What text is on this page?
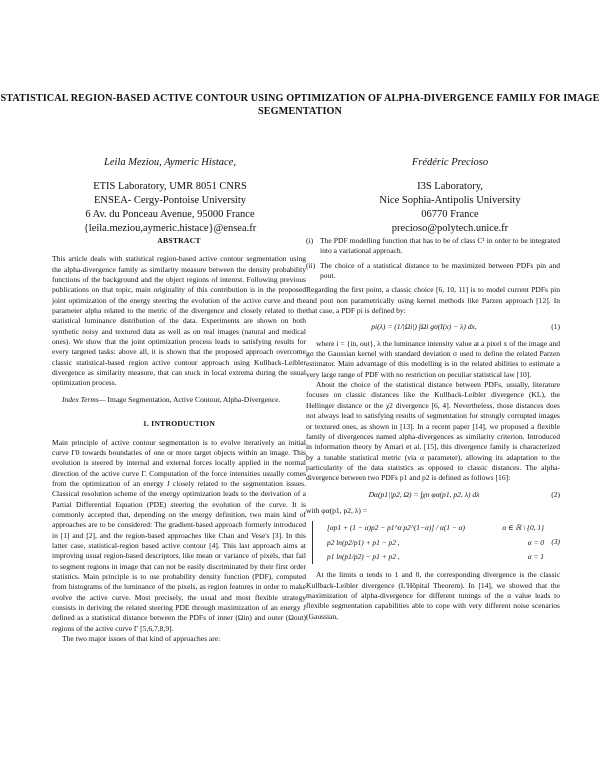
STATISTICAL REGION-BASED ACTIVE CONTOUR USING OPTIMIZATION OF ALPHA-DIVERGENCE FAMILY FOR IMAGE SEGMENTATION
Leila Meziou, Aymeric Histace,
ETIS Laboratory, UMR 8051 CNRS
ENSEA- Cergy-Pontoise University
6 Av. du Ponceau Avenue, 95000 France
{leila.meziou,aymeric.histace}@ensea.fr
Frédéric Precioso
I3S Laboratory,
Nice Sophia-Antipolis University
06770 France
precioso@polytech.unice.fr
ABSTRACT

This article deals with statistical region-based active contour segmentation using the alpha-divergence family as similarity measure between the density probability functions of the background and the object regions of interest. Following previous publications on that topic, main originality of this contribution is in the proposed joint optimization of the energy steering the evolution of the active curve and the parameter alpha related to the metric of the divergence and closely related to the statistical luminance distribution of the data. Experiments are shown on both synthetic noisy and textured data as well as on real images (natural and medical ones). We show that the joint optimization process leads to satisfying results for every targeted tasks: above all, it is shown that the proposed approach overcome classic statistical-based region active contour approach using Kullback-Leibler divergence as similarity measure, that can stuck in local extrema during the usual optimization process.

Index Terms— Image Segmentation, Active Contour, Alpha-Divergence.

1. INTRODUCTION

Main principle of active contour segmentation is to evolve iteratively an initial curve Γ0 towards boundaries of one or more target objects within an image. This evolution is steered by internal and external forces locally applied in the normal direction of the active curve Γ. Computation of the force intensities usually comes from the optimization of an energy J closely related to the segmentation issues. Classical resolution scheme of the energy optimization leads to the derivation of a Partial Differential Equation (PDE) steering the evolution of the curve. It is commonly accepted that, depending on the energy definition, two main kind of approaches are to be considered: The gradient-based approach formerly introduced in [1] and [2], and the region-based approaches like Chan and Vese's [3]. In this latter case, statistical-region based active contour [4]. This last approach aims at improving usual region-based descriptors, like mean or variance of pixels, that fail to segment regions in image that can not be easily discriminated by their first order statistics. Main principle is to use probability density function (PDF), computed from histograms of the luminance of the pixels, as region features in order to make evolve the active curve. Most precisely, the usual and most flexible strategy consists in deriving the related steering PDE through maximization of an energy J defined as a statistical distance between the PDFs of inner (Ωin) and outer (Ωout) regions of the active curve Γ [5,6,7,8,9].

The two major issues of that kind of approaches are:

(i) The PDF modelling function that has to be of class C¹ in order to be integrated into a variational approach.
(ii) The choice of a statistical distance to be maximized between PDFs pin and pout.

Regarding the first point, a classic choice [6, 10, 11] is to model current PDFs pin and pout non parametrically using kernel methods like Parzen approach [12]. In that case, a PDF pi is defined by:

pi(λ) = (1/|Ωi|) ∫Ωi gσ(I(x) − λ) dx,	(1)

where i = {in, out}, λ the luminance intensity value at a pixel x of the image and gσ the Gaussian kernel with standard deviation σ used to define the related Parzen estimator. Main advantage of this modelling is in the related abilities to estimate a very large range of PDF with no restriction on peculiar statistical law [10].

About the choice of the statistical distance between PDFs, usually, literature focuses on classic distances like the Kullback-Leibler divergence (KL), the Hellinger distance or the χ2 divergence [6, 4]. Nevertheless, those distances does not always lead to satisfying results of segmentation for strongly corrupted images or textured ones, as shown in [13]. In a recent paper [14], we proposed a flexible family of divergences named alpha-divergences as similarity criterion. Introduced in information theory by Amari et al. [15], this divergence family is characterized by a tunable statistical metric (via α parameter), allowing its adaptation to the particularity of the data statistics as opposed to classic distances. The alpha-divergence between two PDFs p1 and p2 is defined as follows [16]:

Dα(p1||p2, Ω) = ∫χn φα(p1, p2, λ) dλ	(2)

with φα(p1, p2, λ) =

[αp1 + (1 − α)p2 − p1^α p2^(1−α)] / α(1 − α)	α ∈ ℝ \ {0, 1}
p2 ln(p2/p1) + p1 − p2 ,	α = 0
p1 ln(p1/p2) − p1 + p2 ,	α = 1
(3)

At the limits α tends to 1 and 0, the corresponding divergence is the classic Kullback-Leibler divergence (L'Hôpital Theorem). In [14], we showed that the maximization of alpha-divergence for different tunings of the α value leads to flexible segmentation capabilities able to cope with very different noise scenarios (Gaussian,
